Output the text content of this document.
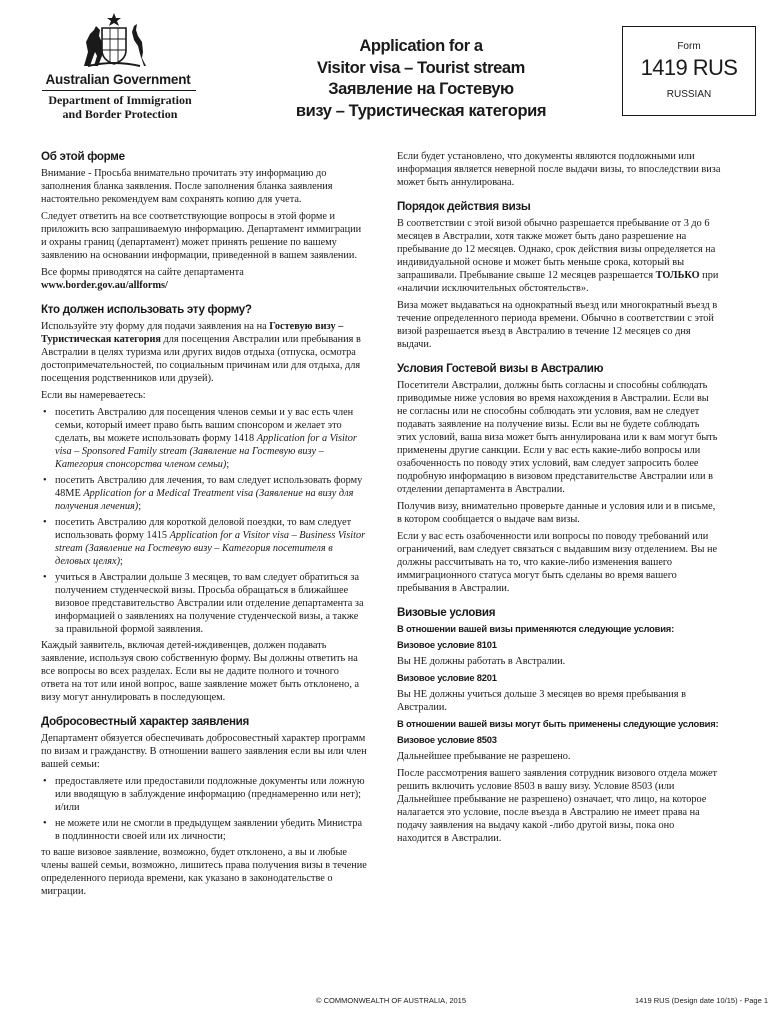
Australian Government
Department of Immigration
and Border Protection
Application for a
Visitor visa – Tourist stream
Заявление на Гостевую
визу – Туристическая категория
Form
1419 RUS
RUSSIAN
Об этой форме

Внимание - Просьба внимательно прочитать эту информацию до заполнения бланка заявления. После заполнения бланка заявления настоятельно рекомендуем вам сохранять копию для учета.

Следует ответить на все соответствующие вопросы в этой форме и приложить всю запрашиваемую информацию. Департамент иммиграции и охраны границ (департамент) может принять решение по вашему заявлению на основании информации, приведенной в вашем заявлении.

Все формы приводятся на сайте департамента
www.border.gov.au/allforms/

Кто должен использовать эту форму?

Используйте эту форму для подачи заявления на на Гостевую визу – Туристическая категория для посещения Австралии или пребывания в Австралии в целях туризма или других видов отдыха (отпуска, осмотра достопримечательностей, по социальным причинам или для отдыха, для посещения родственников или друзей).

Если вы намереваетесь:

• посетить Австралию для посещения членов семьи и у вас есть член семьи, который имеет право быть вашим спонсором и желает это сделать, вы можете использовать форму 1418 Application for a Visitor visa – Sponsored Family stream (Заявление на Гостевую визу – Категория спонсорства членом семьи);
• посетить Австралию для лечения, то вам следует использовать форму 48ME Application for a Medical Treatment visa (Заявление на визу для получения лечения);
• посетить Австралию для короткой деловой поездки, то вам следует использовать форму 1415 Application for a Visitor visa – Business Visitor stream (Заявление на Гостевую визу – Категория посетителя в деловых целях);
• учиться в Австралии дольше 3 месяцев, то вам следует обратиться за получением студенческой визы. Просьба обращаться в ближайшее визовое представительство Австралии или отделение департамента за информацией о заявлениях на получение студенческой визы, а также за правильной формой заявления.

Каждый заявитель, включая детей-иждивенцев, должен подавать заявление, используя свою собственную форму. Вы должны ответить на все вопросы во всех разделах. Если вы не дадите полного и точного ответа на тот или иной вопрос, ваше заявление может быть отклонено, а визу могут аннулировать в последующем.

Добросовестный характер заявления

Департамент обязуется обеспечивать добросовестный характер программ по визам и гражданству. В отношении вашего заявления если вы или член вашей семьи:

• предоставляете или предоставили подложные документы или ложную или вводящую в заблуждение информацию (преднамеренно или нет); и/или
• не можете или не смогли в предыдущем заявлении убедить Министра в подлинности своей или их личности;

то ваше визовое заявление, возможно, будет отклонено, а вы и любые члены вашей семьи, возможно, лишитесь права получения визы в течение определенного периода времени, как указано в законодательстве о миграции.

Если будет установлено, что документы являются подложными или информация является неверной после выдачи визы, то впоследствии виза может быть аннулирована.

Порядок действия визы

В соответствии с этой визой обычно разрешается пребывание от 3 до 6 месяцев в Австралии, хотя также может быть дано разрешение на пребывание до 12 месяцев. Однако, срок действия визы определяется на индивидуальной основе и может быть меньше срока, который вы запрашивали. Пребывание свыше 12 месяцев разрешается ТОЛЬКО при «наличии исключительных обстоятельств».

Виза может выдаваться на однократный въезд или многократный въезд в течение определенного периода времени. Обычно в соответствии с этой визой разрешается въезд в Австралию в течение 12 месяцев со дня выдачи.

Условия Гостевой визы в Австралию

Посетители Австралии, должны быть согласны и способны соблюдать приводимые ниже условия во время нахождения в Австралии. Если вы не согласны или не способны соблюдать эти условия, вам не следует подавать заявление на получение визы. Если вы не будете соблюдать этих условий, ваша виза может быть аннулирована или к вам могут быть применены другие санкции. Если у вас есть какие-либо вопросы или озабоченность по поводу этих условий, вам следует запросить более подробную информацию в визовом представительстве Австралии или в отделении департамента в Австралии.

Получив визу, внимательно проверьте данные и условия или и в письме, в котором сообщается о выдаче вам визы.

Если у вас есть озабоченности или вопросы по поводу требований или ограничений, вам следует связаться с выдавшим визу отделением. Вы не должны рассчитывать на то, что какие-либо изменения вашего иммиграционного статуса могут быть сделаны во время вашего пребывания в Австралии.

Визовые условия
В отношении вашей визы применяются следующие условия:
Визовое условие 8101

Вы НЕ должны работать в Австралии.

Визовое условие 8201

Вы НЕ должны учиться дольше 3 месяцев во время пребывания в Австралии.

В отношении вашей визы могут быть применены следующие условия:
Визовое условие 8503

Дальнейшее пребывание не разрешено.

После рассмотрения вашего заявления сотрудник визового отдела может решить включить условие 8503 в вашу визу. Условие 8503 (или Дальнейшее пребывание не разрешено) означает, что лицо, на которое налагается это условие, после въезда в Австралию не имеет права на подачу заявления на выдачу какой -либо другой визы, пока оно находится в Австралии.

© COMMONWEALTH OF AUSTRALIA, 2015	1419 RUS (Design date 10/15) - Page 1
